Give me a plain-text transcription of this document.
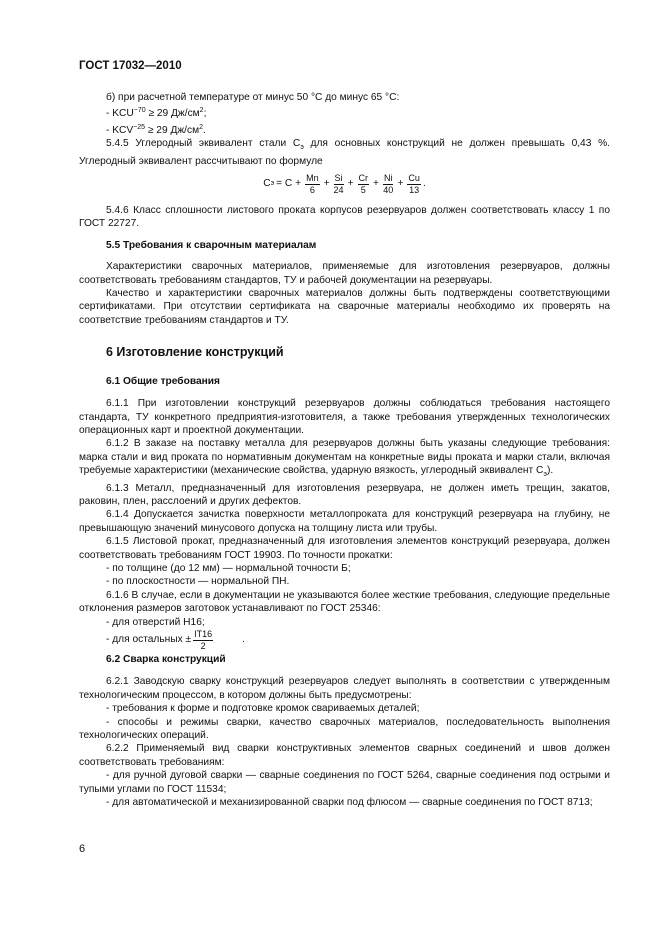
ГОСТ 17032—2010

б) при расчетной температуре от минус 50 °С до минус 65 °С:

- $KCU^{-70} \ge 29$ $Дж/см^2$;

- $KCV^{-25} \ge 29$ $Дж/см^2$.

5.4.5 Углеродный эквивалент стали $С_э$ для основных конструкций не должен превышать 0,43 %. Углеродный эквивалент рассчитывают по формуле

С $э = С + \frac{Mn}{6} + \frac{Si}{24} + \frac{Cr}{5} + \frac{Ni}{40} + \frac{Cu}{13}$ .

5.4.6 Класс сплошности листового проката корпусов резервуаров должен соответствовать классу 1 по ГОСТ 22727.

5.5 Требования к сварочным материалам

Характеристики сварочных материалов, применяемые для изготовления резервуаров, должны соответствовать требованиям стандартов, ТУ и рабочей документации на резервуары.

Качество и характеристики сварочных материалов должны быть подтверждены соответствующими сертификатами. При отсутствии сертификата на сварочные материалы необходимо их проверять на соответствие требованиям стандартов и ТУ.

6 Изготовление конструкций

6.1 Общие требования

6.1.1 При изготовлении конструкций резервуаров должны соблюдаться требования настоящего стандарта, ТУ конкретного предприятия-изготовителя, а также требования утвержденных технологических операционных карт и проектной документации.

6.1.2 В заказе на поставку металла для резервуаров должны быть указаны следующие требования: марка стали и вид проката по нормативным документам на конкретные виды проката и марки стали, включая требуемые характеристики (механические свойства, ударную вязкость, углеродный эквивалент $С_э$).

6.1.3 Металл, предназначенный для изготовления резервуара, не должен иметь трещин, закатов, раковин, плен, расслоений и других дефектов.

6.1.4 Допускается зачистка поверхности металлопроката для конструкций резервуара на глубину, не превышающую значений минусового допуска на толщину листа или трубы.

6.1.5 Листовой прокат, предназначенный для изготовления элементов конструкций резервуара, должен соответствовать требованиям ГОСТ 19903. По точности прокатки:

- по толщине (до 12 мм) — нормальной точности Б;

- по плоскостности — нормальной ПН.

6.1.6 В случае, если в документации не указываются более жесткие требования, следующие предельные отклонения размеров заготовок устанавливают по ГОСТ 25346:

- для отверстий Н16;

- для остальных ± $\frac{IT16}{2}$	.

6.2 Сварка конструкций

6.2.1 Заводскую сварку конструкций резервуаров следует выполнять в соответствии с утвержденным технологическим процессом, в котором должны быть предусмотрены:

- требования к форме и подготовке кромок свариваемых деталей;

- способы и режимы сварки, качество сварочных материалов, последовательность выполнения технологических операций.

6.2.2 Применяемый вид сварки конструктивных элементов сварных соединений и швов должен соответствовать требованиям:

- для ручной дуговой сварки — сварные соединения по ГОСТ 5264, сварные соединения под острыми и тупыми углами по ГОСТ 11534;

- для автоматической и механизированной сварки под флюсом — сварные соединения по ГОСТ 8713;

6
